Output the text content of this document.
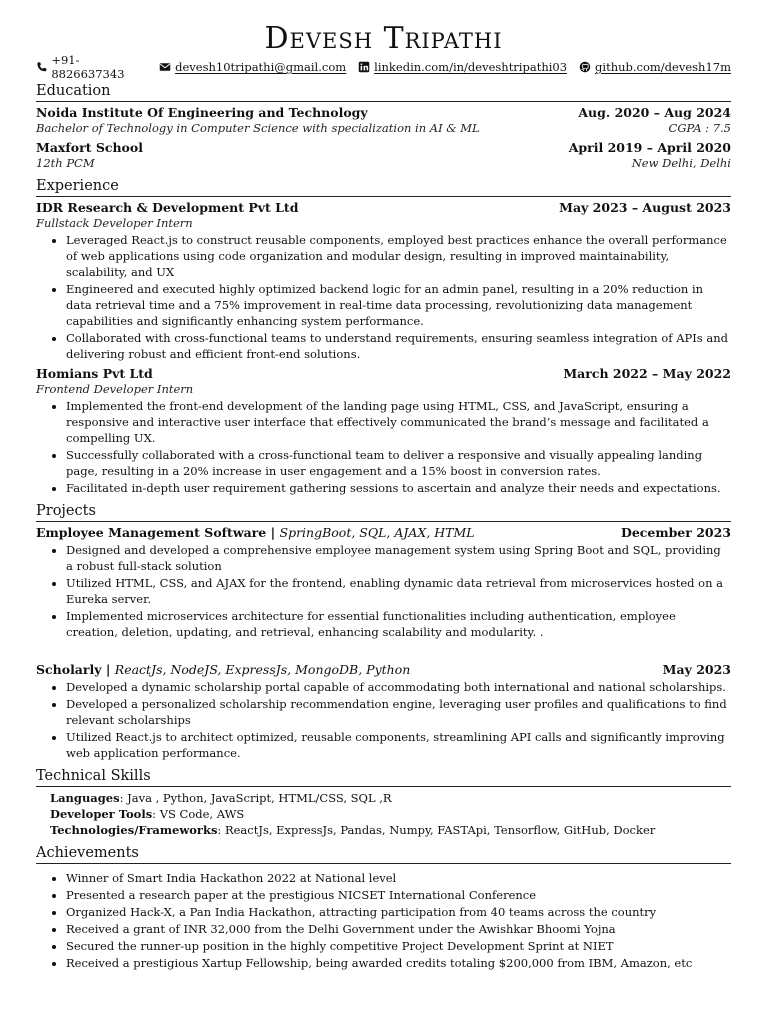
Devesh Tripathi
+91-8826637343	devesh10tripathi@gmail.com linkedin.com/in/deveshtripathi03 github.com/devesh17m
Education
Noida Institute Of Engineering and Technology	Aug. 2020 – Aug 2024
Bachelor of Technology in Computer Science with specialization in AI & ML	CGPA : 7.5
Maxfort School	April 2019 – April 2020
12th PCM	New Delhi, Delhi
Experience
IDR Research & Development Pvt Ltd	May 2023 – August 2023
Fullstack Developer Intern
• Leveraged React.js to construct reusable components, employed best practices enhance the overall performance of web applications using code organization and modular design, resulting in improved maintainability, scalability, and UX
• Engineered and executed highly optimized backend logic for an admin panel, resulting in a 20% reduction in data retrieval time and a 75% improvement in real-time data processing, revolutionizing data management capabilities and significantly enhancing system performance.
• Collaborated with cross-functional teams to understand requirements, ensuring seamless integration of APIs and delivering robust and efficient front-end solutions.
Homians Pvt Ltd	March 2022 – May 2022
Frontend Developer Intern
• Implemented the front-end development of the landing page using HTML, CSS, and JavaScript, ensuring a responsive and interactive user interface that effectively communicated the brand’s message and facilitated a compelling UX.
• Successfully collaborated with a cross-functional team to deliver a responsive and visually appealing landing page, resulting in a 20% increase in user engagement and a 15% boost in conversion rates.
• Facilitated in-depth user requirement gathering sessions to ascertain and analyze their needs and expectations.
Projects
Employee Management Software | SpringBoot, SQL, AJAX, HTML	December 2023
• Designed and developed a comprehensive employee management system using Spring Boot and SQL, providing a robust full-stack solution
• Utilized HTML, CSS, and AJAX for the frontend, enabling dynamic data retrieval from microservices hosted on a Eureka server.
• Implemented microservices architecture for essential functionalities including authentication, employee creation, deletion, updating, and retrieval, enhancing scalability and modularity. .
Scholarly | ReactJs, NodeJS, ExpressJs, MongoDB, Python	May 2023
• Developed a dynamic scholarship portal capable of accommodating both international and national scholarships.
• Developed a personalized scholarship recommendation engine, leveraging user profiles and qualifications to find relevant scholarships
• Utilized React.js to architect optimized, reusable components, streamlining API calls and significantly improving web application performance.
Technical Skills
Languages: Java , Python, JavaScript, HTML/CSS, SQL ,R
Developer Tools: VS Code, AWS
Technologies/Frameworks: ReactJs, ExpressJs, Pandas, Numpy, FASTApi, Tensorflow, GitHub, Docker
Achievements
• Winner of Smart India Hackathon 2022 at National level
• Presented a research paper at the prestigious NICSET International Conference
• Organized Hack-X, a Pan India Hackathon, attracting participation from 40 teams across the country
• Received a grant of INR 32,000 from the Delhi Government under the Awishkar Bhoomi Yojna
• Secured the runner-up position in the highly competitive Project Development Sprint at NIET
• Received a prestigious Xartup Fellowship, being awarded credits totaling $200,000 from IBM, Amazon, etc
